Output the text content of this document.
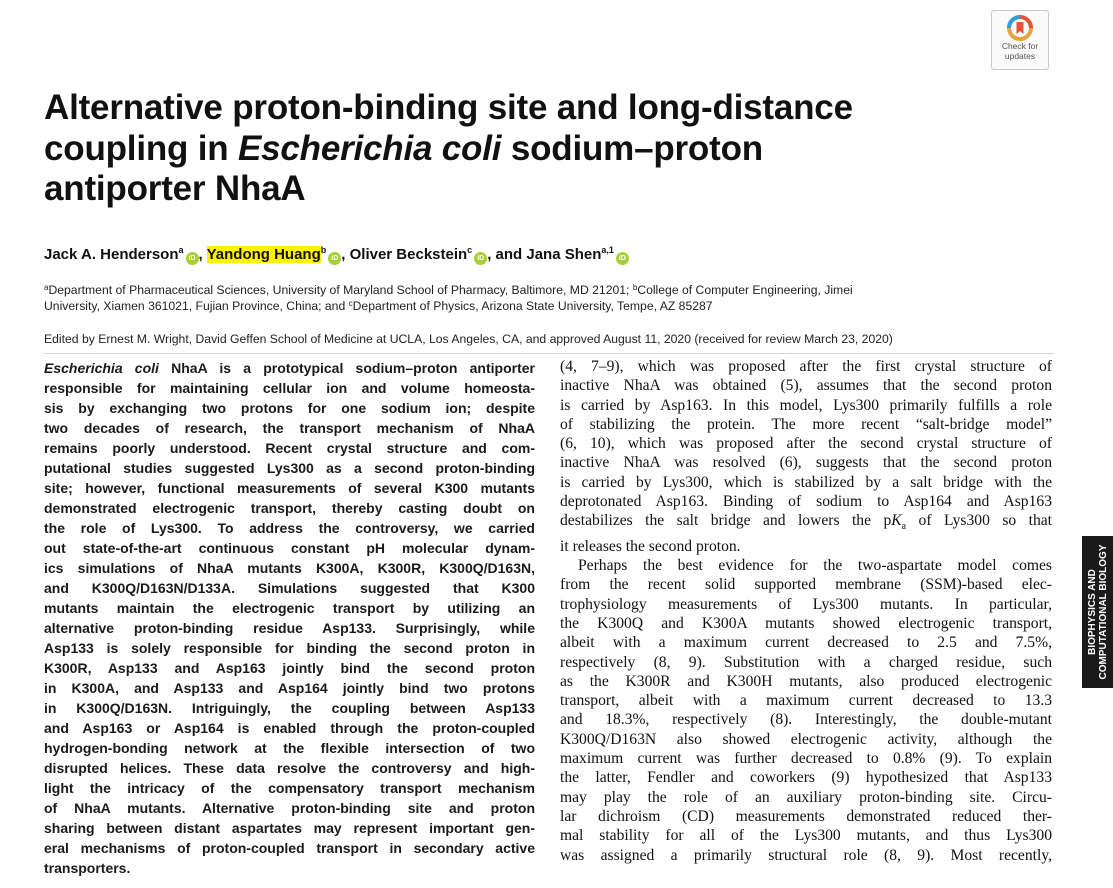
Check for
updates
Alternative proton-binding site and long-distance
coupling in Escherichia coli sodium–proton
antiporter NhaA
Jack A. Henderson$^a$iD , Yandong Huang$^b$iD , Oliver Beckstein$^c$iD , and Jana Shen$^{a,1}$iD
$^a$Department of Pharmaceutical Sciences, University of Maryland School of Pharmacy, Baltimore, MD 21201; $^b$College of Computer Engineering, Jimei
University, Xiamen 361021, Fujian Province, China; and $^c$Department of Physics, Arizona State University, Tempe, AZ 85287
Edited by Ernest M. Wright, David Geffen School of Medicine at UCLA, Los Angeles, CA, and approved August 11, 2020 (received for review March 23, 2020)
Escherichia coli NhaA is a prototypical sodium–proton antiporter
responsible for maintaining cellular ion and volume homeosta-
sis by exchanging two protons for one sodium ion; despite
two decades of research, the transport mechanism of NhaA
remains poorly understood. Recent crystal structure and com-
putational studies suggested Lys300 as a second proton-binding
site; however, functional measurements of several K300 mutants
demonstrated electrogenic transport, thereby casting doubt on
the role of Lys300. To address the controversy, we carried
out state-of-the-art continuous constant pH molecular dynam-
ics simulations of NhaA mutants K300A, K300R, K300Q/D163N,
and K300Q/D163N/D133A. Simulations suggested that K300
mutants maintain the electrogenic transport by utilizing an
alternative proton-binding residue Asp133. Surprisingly, while
Asp133 is solely responsible for binding the second proton in
K300R, Asp133 and Asp163 jointly bind the second proton
in K300A, and Asp133 and Asp164 jointly bind two protons
in K300Q/D163N. Intriguingly, the coupling between Asp133
and Asp163 or Asp164 is enabled through the proton-coupled
hydrogen-bonding network at the flexible intersection of two
disrupted helices. These data resolve the controversy and high-
light the intricacy of the compensatory transport mechanism
of NhaA mutants. Alternative proton-binding site and proton
sharing between distant aspartates may represent important gen-
eral mechanisms of proton-coupled transport in secondary active
transporters.
(4, 7–9), which was proposed after the first crystal structure of
inactive NhaA was obtained (5), assumes that the second proton
is carried by Asp163. In this model, Lys300 primarily fulfills a role
of stabilizing the protein. The more recent “salt-bridge model”
(6, 10), which was proposed after the second crystal structure of
inactive NhaA was resolved (6), suggests that the second proton
is carried by Lys300, which is stabilized by a salt bridge with the
deprotonated Asp163. Binding of sodium to Asp164 and Asp163
destabilizes the salt bridge and lowers the $pK_a$ of Lys300 so that
it releases the second proton.
Perhaps the best evidence for the two-aspartate model comes
from the recent solid supported membrane (SSM)-based elec-
trophysiology measurements of Lys300 mutants. In particular,
the K300Q and K300A mutants showed electrogenic transport,
albeit with a maximum current decreased to 2.5 and 7.5%,
respectively (8, 9). Substitution with a charged residue, such
as the K300R and K300H mutants, also produced electrogenic
transport, albeit with a maximum current decreased to 13.3
and 18.3%, respectively (8). Interestingly, the double-mutant
K300Q/D163N also showed electrogenic activity, although the
maximum current was further decreased to 0.8% (9). To explain
the latter, Fendler and coworkers (9) hypothesized that Asp133
may play the role of an auxiliary proton-binding site. Circu-
lar dichroism (CD) measurements demonstrated reduced ther-
mal stability for all of the Lys300 mutants, and thus Lys300
was assigned a primarily structural role (8, 9). Most recently,
BIOPHYSICS AND
COMPUTATIONAL BIOLOGY
